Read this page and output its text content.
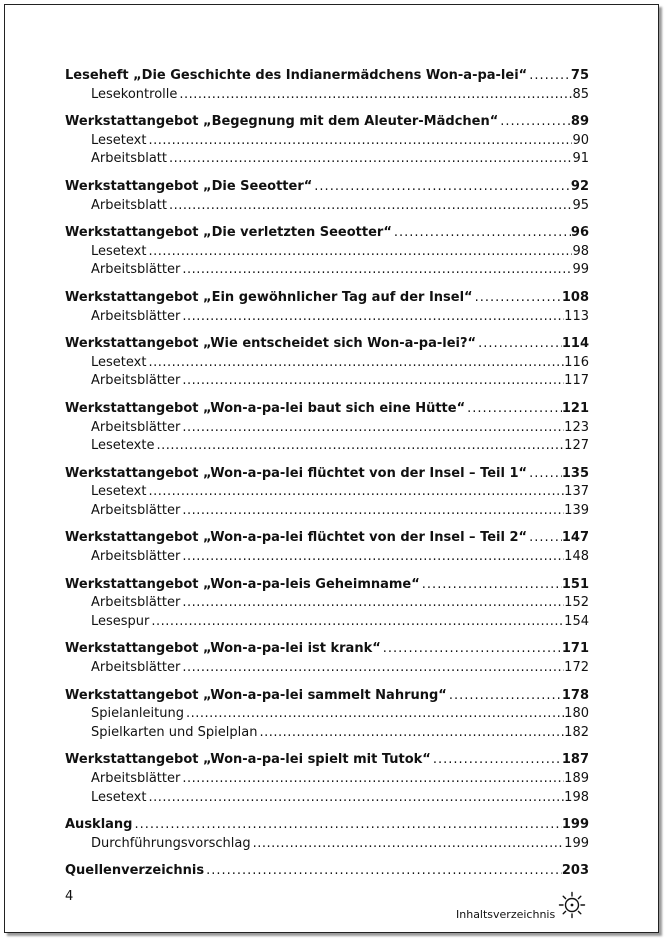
Leseheft „Die Geschichte des Indianermädchens Won-a-pa-lei“ .....	75
Lesekontrolle .....	85
Werkstattangebot „Begegnung mit dem Aleuter-Mädchen“ .....	89
Lesetext .....	90
Arbeitsblatt .....	91
Werkstattangebot „Die Seeotter“ .....	92
Arbeitsblatt .....	95
Werkstattangebot „Die verletzten Seeotter“ .....	96
Lesetext .....	98
Arbeitsblätter .....	99
Werkstattangebot „Ein gewöhnlicher Tag auf der Insel“ .....	108
Arbeitsblätter .....	113
Werkstattangebot „Wie entscheidet sich Won-a-pa-lei?“ .....	114
Lesetext .....	116
Arbeitsblätter .....	117
Werkstattangebot „Won-a-pa-lei baut sich eine Hütte“ .....	121
Arbeitsblätter .....	123
Lesetexte .....	127
Werkstattangebot „Won-a-pa-lei flüchtet von der Insel – Teil 1“ .....	135
Lesetext .....	137
Arbeitsblätter .....	139
Werkstattangebot „Won-a-pa-lei flüchtet von der Insel – Teil 2“ .....	147
Arbeitsblätter .....	148
Werkstattangebot „Won-a-pa-leis Geheimname“ .....	151
Arbeitsblätter .....	152
Lesespur .....	154
Werkstattangebot „Won-a-pa-lei ist krank“ .....	171
Arbeitsblätter .....	172
Werkstattangebot „Won-a-pa-lei sammelt Nahrung“ .....	178
Spielanleitung .....	180
Spielkarten und Spielplan .....	182
Werkstattangebot „Won-a-pa-lei spielt mit Tutok“ .....	187
Arbeitsblätter .....	189
Lesetext .....	198
Ausklang .....	199
Durchführungsvorschlag .....	199
Quellenverzeichnis .....	203
4
Inhaltsverzeichnis
